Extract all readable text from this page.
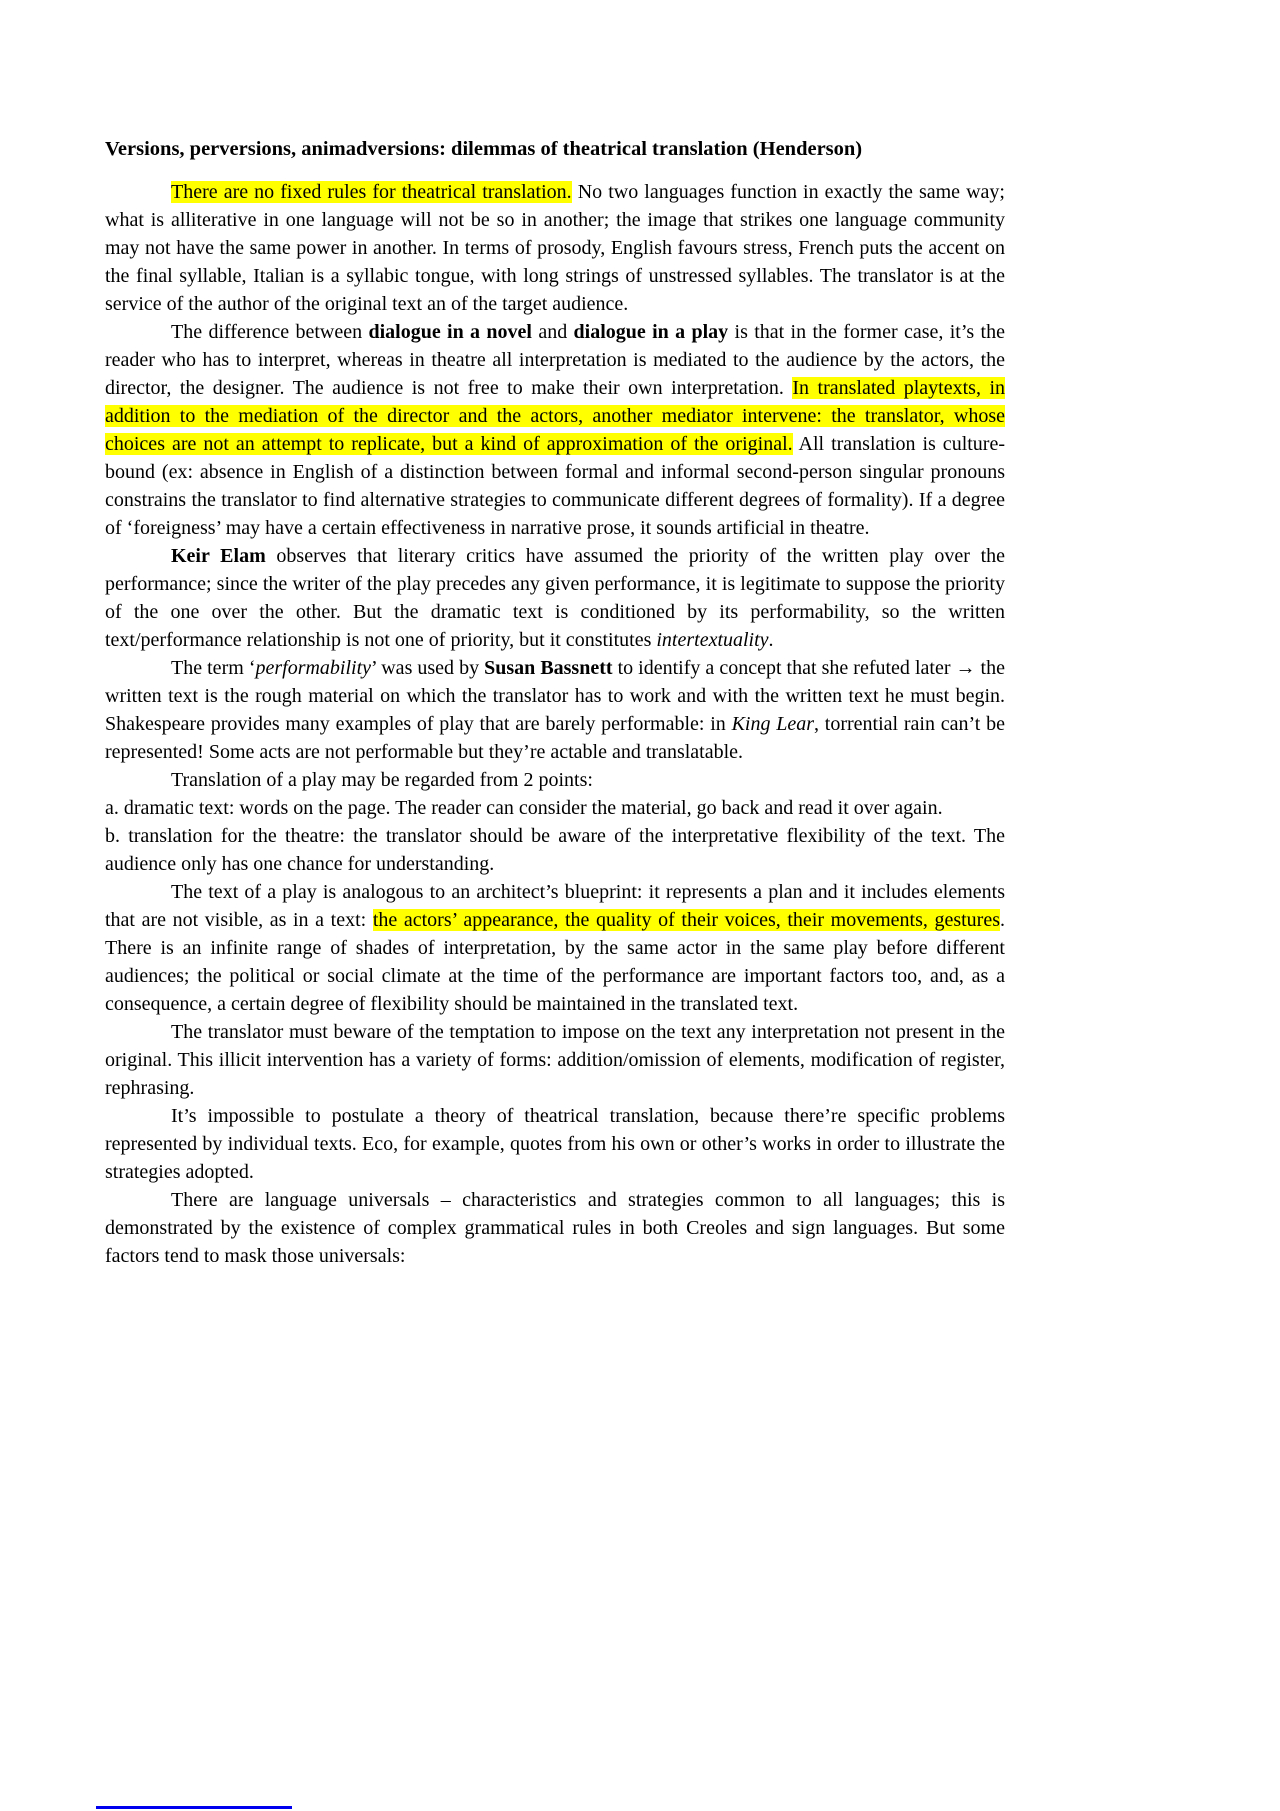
Versions, perversions, animadversions: dilemmas of theatrical translation (Henderson)

There are no fixed rules for theatrical translation. No two languages function in exactly the same way; what is alliterative in one language will not be so in another; the image that strikes one language community may not have the same power in another. In terms of prosody, English favours stress, French puts the accent on the final syllable, Italian is a syllabic tongue, with long strings of unstressed syllables. The translator is at the service of the author of the original text an of the target audience.

The difference between dialogue in a novel and dialogue in a play is that in the former case, it’s the reader who has to interpret, whereas in theatre all interpretation is mediated to the audience by the actors, the director, the designer. The audience is not free to make their own interpretation. In translated playtexts, in addition to the mediation of the director and the actors, another mediator intervene: the translator, whose choices are not an attempt to replicate, but a kind of approximation of the original. All translation is culture-bound (ex: absence in English of a distinction between formal and informal second-person singular pronouns constrains the translator to find alternative strategies to communicate different degrees of formality). If a degree of ‘foreigness’ may have a certain effectiveness in narrative prose, it sounds artificial in theatre.

Keir Elam observes that literary critics have assumed the priority of the written play over the performance; since the writer of the play precedes any given performance, it is legitimate to suppose the priority of the one over the other. But the dramatic text is conditioned by its performability, so the written text/performance relationship is not one of priority, but it constitutes intertextuality.

The term ‘performability’ was used by Susan Bassnett to identify a concept that she refuted later → the written text is the rough material on which the translator has to work and with the written text he must begin. Shakespeare provides many examples of play that are barely performable: in King Lear, torrential rain can’t be represented! Some acts are not performable but they’re actable and translatable.

Translation of a play may be regarded from 2 points:

a. dramatic text: words on the page. The reader can consider the material, go back and read it over again.

b. translation for the theatre: the translator should be aware of the interpretative flexibility of the text. The audience only has one chance for understanding.

The text of a play is analogous to an architect’s blueprint: it represents a plan and it includes elements that are not visible, as in a text: the actors’ appearance, the quality of their voices, their movements, gestures. There is an infinite range of shades of interpretation, by the same actor in the same play before different audiences; the political or social climate at the time of the performance are important factors too, and, as a consequence, a certain degree of flexibility should be maintained in the translated text.

The translator must beware of the temptation to impose on the text any interpretation not present in the original. This illicit intervention has a variety of forms: addition/omission of elements, modification of register, rephrasing.

It’s impossible to postulate a theory of theatrical translation, because there’re specific problems represented by individual texts. Eco, for example, quotes from his own or other’s works in order to illustrate the strategies adopted.

There are language universals – characteristics and strategies common to all languages; this is demonstrated by the existence of complex grammatical rules in both Creoles and sign languages. But some factors tend to mask those universals:
